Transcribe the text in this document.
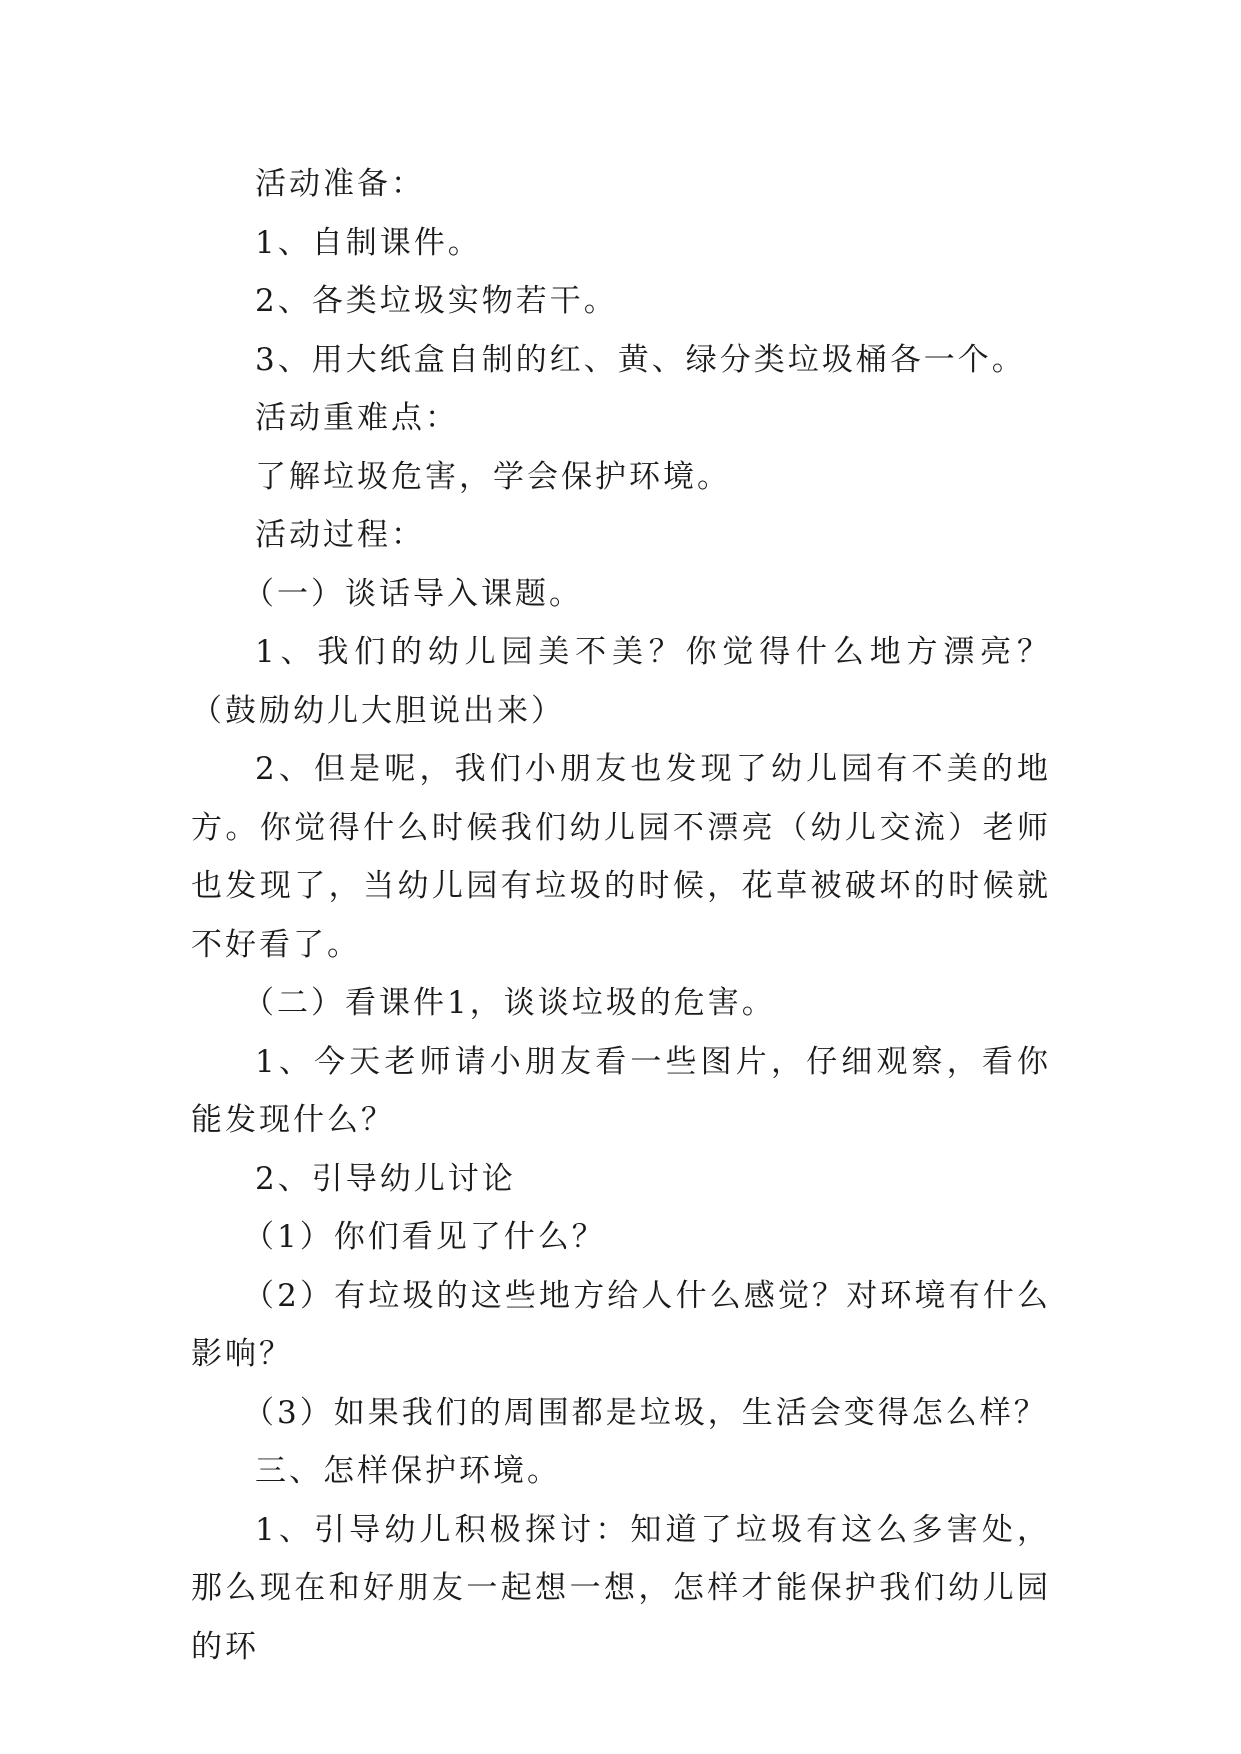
活动准备：

1、自制课件。

2、各类垃圾实物若干。

3、用大纸盒自制的红、黄、绿分类垃圾桶各一个。

活动重难点：

了解垃圾危害，学会保护环境。

活动过程：

（一）谈话导入课题。

1、我们的幼儿园美不美？你觉得什么地方漂亮？（鼓励幼儿大胆说出来）

2、但是呢，我们小朋友也发现了幼儿园有不美的地方。你觉得什么时候我们幼儿园不漂亮（幼儿交流）老师也发现了，当幼儿园有垃圾的时候，花草被破坏的时候就不好看了。

（二）看课件1，谈谈垃圾的危害。

1、今天老师请小朋友看一些图片，仔细观察，看你能发现什么？

2、引导幼儿讨论

（1）你们看见了什么？

（2）有垃圾的这些地方给人什么感觉？对环境有什么影响？

（3）如果我们的周围都是垃圾，生活会变得怎么样？

三、怎样保护环境。

1、引导幼儿积极探讨：知道了垃圾有这么多害处，那么现在和好朋友一起想一想，怎样才能保护我们幼儿园的环
